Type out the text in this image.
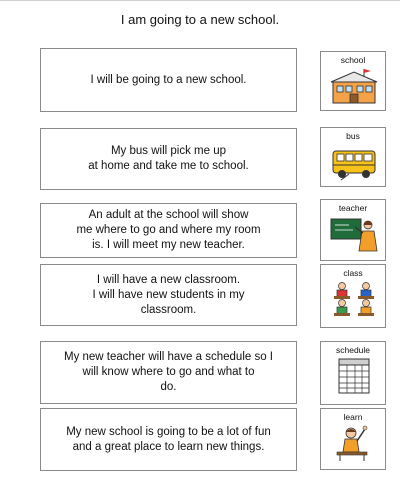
I am going to a new school.
I will be going to a new school.
school
My bus will pick me up
at home and take me to school.
bus
An adult at the school will show
me where to go and where my room
is. I will meet my new teacher.
teacher
I will have a new classroom.
I will have new students in my
classroom.
class
My new teacher will have a schedule so I
will know where to go and what to
do.
schedule
My new school is going to be a lot of fun
and a great place to learn new things.
learn
